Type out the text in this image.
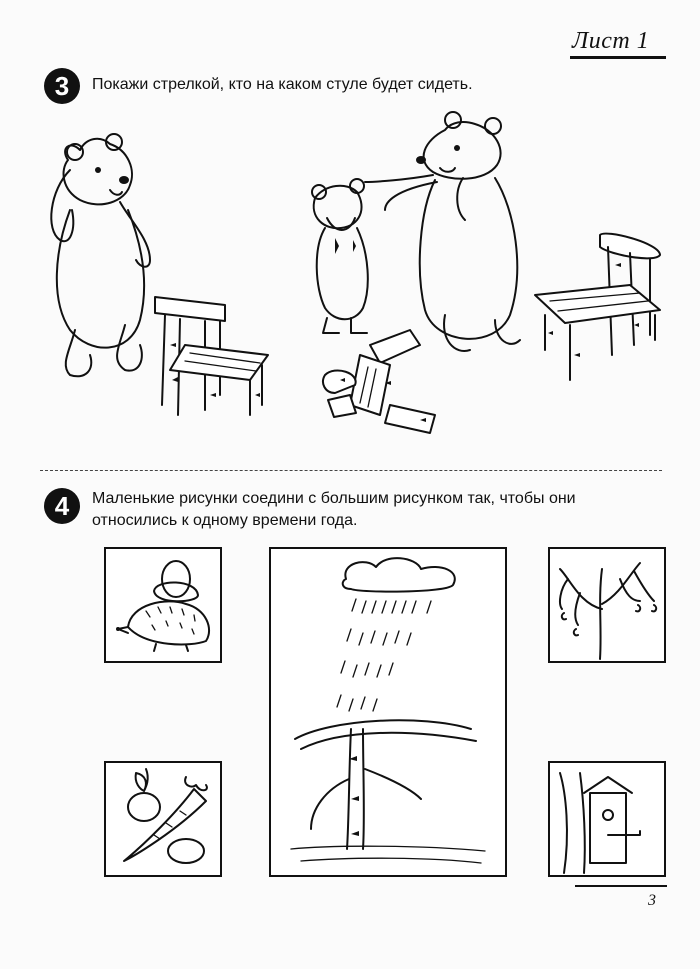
Лист 1
3	Покажи стрелкой, кто на каком стуле будет сидеть.
4	Маленькие рисунки соедини с большим рисунком так, чтобы они
относились к одному времени года.
3
